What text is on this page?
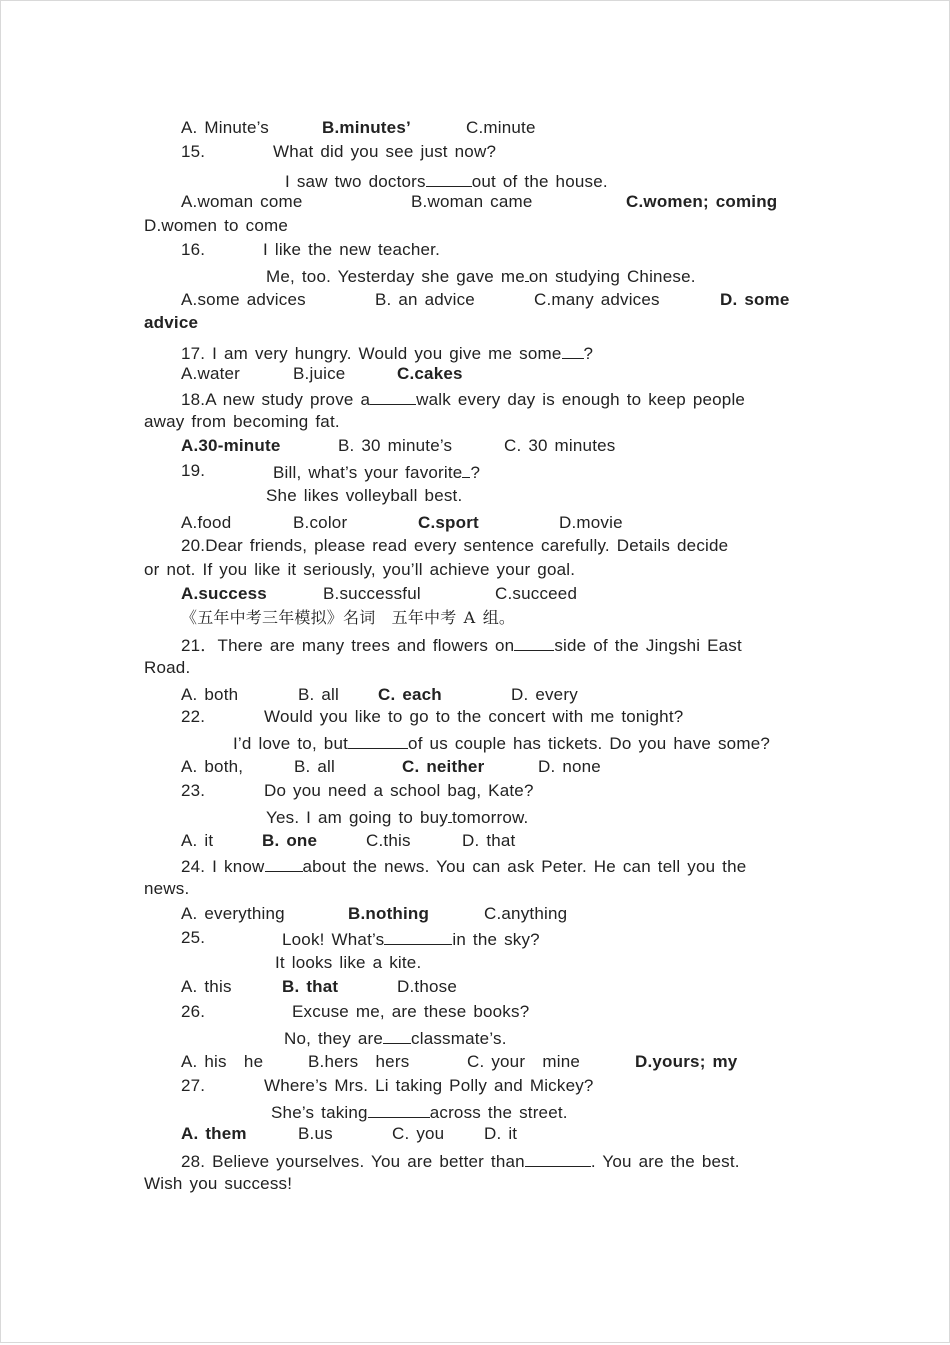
A. Minute’s	B.minutes’	C.minute
15.	What did you see just now?
I saw two doctors	out of the house.
A.woman come	B.woman came	C.women; coming
D.women to come
16.	I like the new teacher.
Me, too. Yesterday she gave me on studying Chinese.
A.some advices	B. an advice	C.many advices	D. some
advice
17. I am very hungry. Would you give me some ?
A.water	B.juice	C.cakes
18.A new study prove a	walk every day is enough to keep people
away from becoming fat.
A.30-minute	B. 30 minute’s	C. 30 minutes
19.	Bill, what’s your favorite ?
She likes volleyball best.
A.food	B.color	C.sport	D.movie
20.Dear friends, please read every sentence carefully. Details decide
or not. If you like it seriously, you’ll achieve your goal.
A.success	B.successful	C.succeed
《五年中考三年模拟》名词　五年中考 A 组。
21．There are many trees and flowers on side of the Jingshi East
Road.
A. both	B. all C. each	D. every
22.	Would you like to go to the concert with me tonight?
I’d love to, but	of us couple has tickets. Do you have some?
A. both,	B. all	C. neither	D. none
23.	Do you need a school bag, Kate?
Yes. I am going to buy tomorrow.
A. it	B. one	C.this	D. that
24. I know about the news. You can ask Peter. He can tell you the
news.
A. everything	B.nothing	C.anything
25.	Look! What’s	in the sky?
It looks like a kite.
A. this	B. that	D.those
26.	Excuse me, are these books?
No, they are classmate’s.
A. his　he	B.hers　hers	C. your　mine	D.yours; my
27.	Where’s Mrs. Li taking Polly and Mickey?
She’s taking	across the street.
A. them	B.us	C. you D. it
28. Believe yourselves. You are better than	. You are the best.
Wish you success!
